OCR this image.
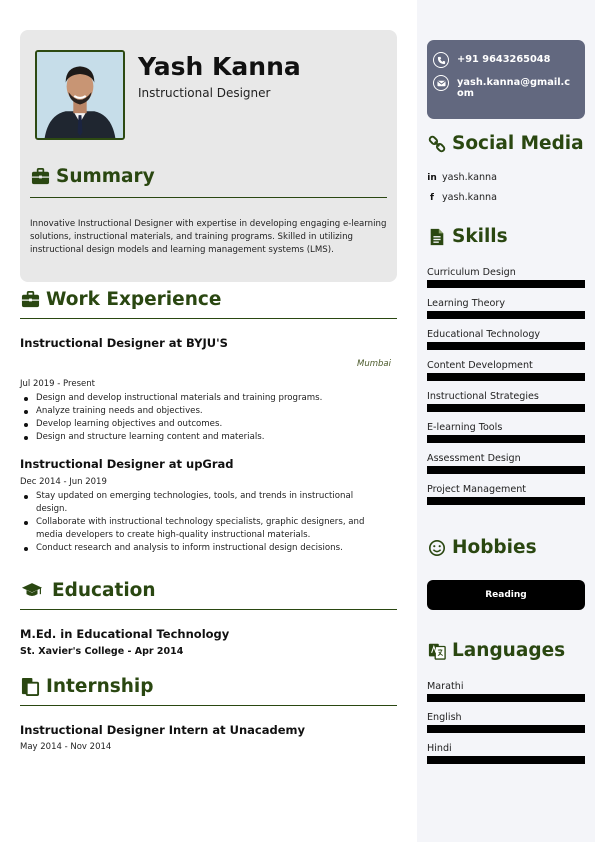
Yash Kanna
Instructional Designer
Summary
Innovative Instructional Designer with expertise in developing engaging e-learning solutions, instructional materials, and training programs. Skilled in utilizing instructional design models and learning management systems (LMS).
Work Experience
Instructional Designer at BYJU'S
Mumbai
Jul 2019 - Present
Design and develop instructional materials and training programs.
Analyze training needs and objectives.
Develop learning objectives and outcomes.
Design and structure learning content and materials.
Instructional Designer at upGrad
Dec 2014 - Jun 2019
Stay updated on emerging technologies, tools, and trends in instructional design.
Collaborate with instructional technology specialists, graphic designers, and media developers to create high-quality instructional materials.
Conduct research and analysis to inform instructional design decisions.
Education
M.Ed. in Educational Technology
St. Xavier's College - Apr 2014
Internship
Instructional Designer Intern at Unacademy
May 2014 - Nov 2014
+91 9643265048
yash.kanna@gmail.com
Social Media
in yash.kanna
f yash.kanna
Skills
Curriculum Design
Learning Theory
Educational Technology
Content Development
Instructional Strategies
E-learning Tools
Assessment Design
Project Management
Hobbies
Reading
Languages
Marathi
English
Hindi
